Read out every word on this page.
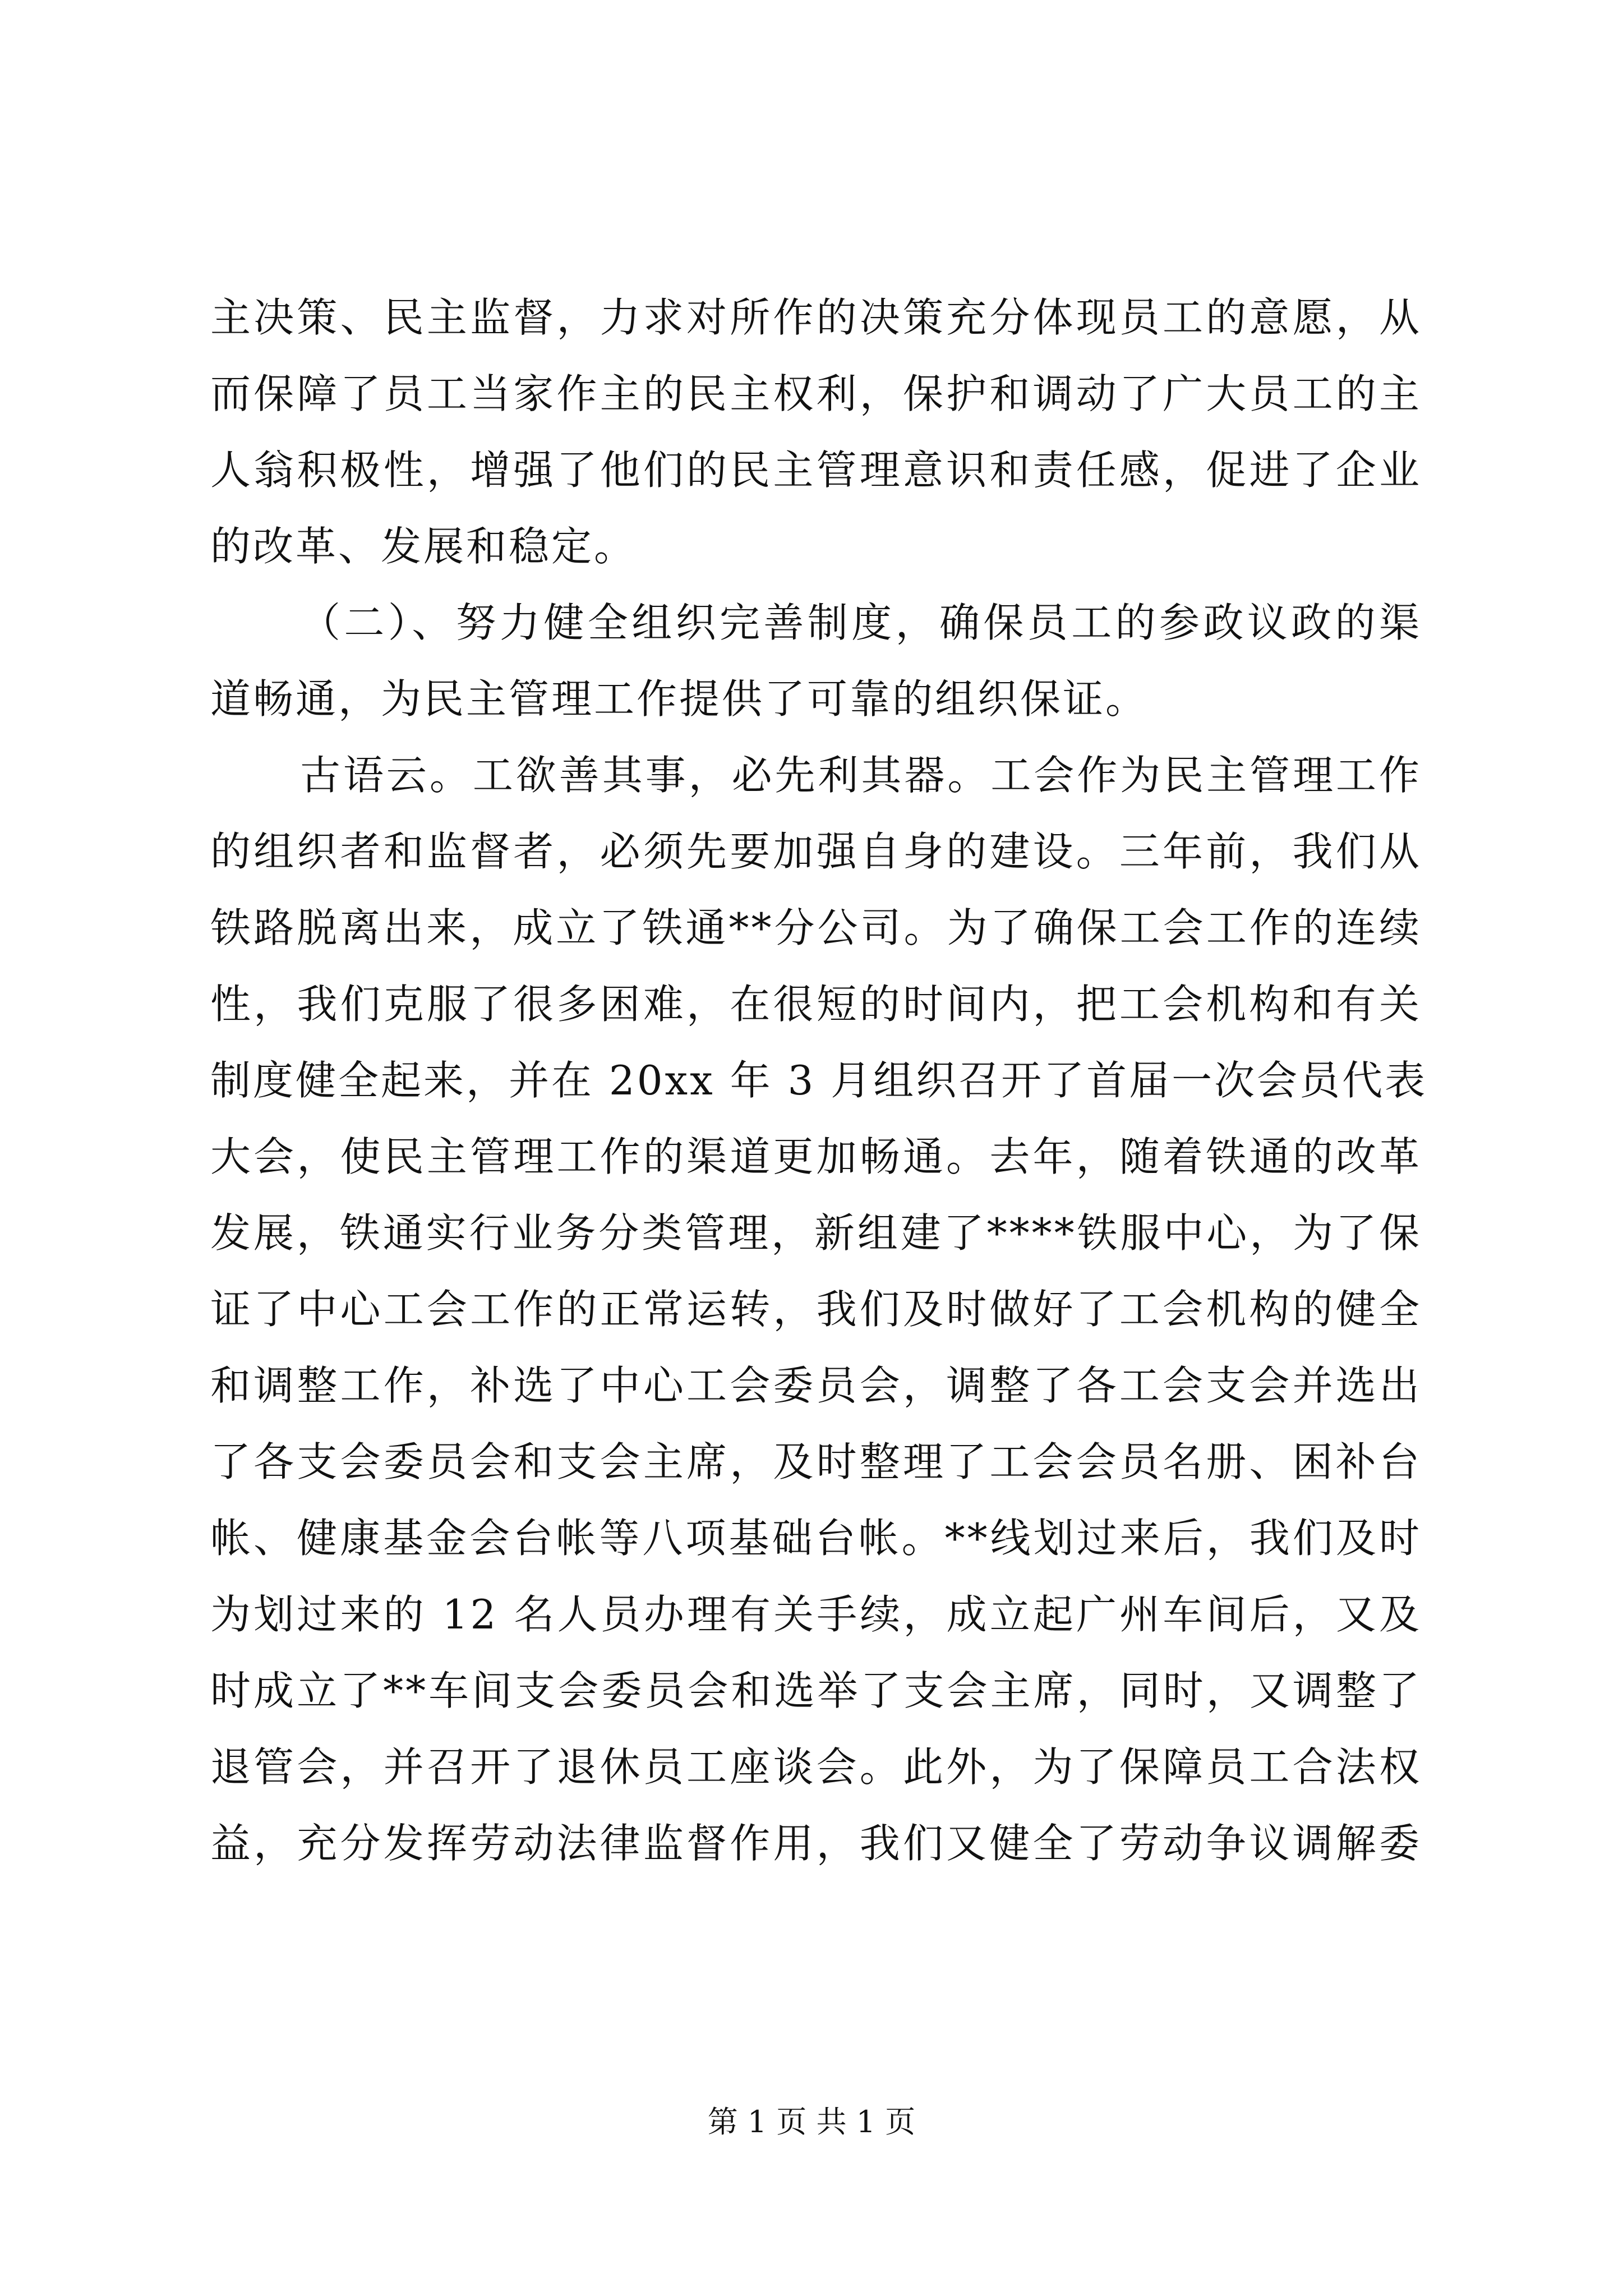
主决策、民主监督，力求对所作的决策充分体现员工的意愿，从
而保障了员工当家作主的民主权利，保护和调动了广大员工的主
人翁积极性，增强了他们的民主管理意识和责任感，促进了企业
的改革、发展和稳定。
（二）、努力健全组织完善制度，确保员工的参政议政的渠
道畅通，为民主管理工作提供了可靠的组织保证。
古语云。工欲善其事，必先利其器。工会作为民主管理工作
的组织者和监督者，必须先要加强自身的建设。三年前，我们从
铁路脱离出来，成立了铁通**分公司。为了确保工会工作的连续
性，我们克服了很多困难，在很短的时间内，把工会机构和有关
制度健全起来，并在 20xx 年 3 月组织召开了首届一次会员代表
大会，使民主管理工作的渠道更加畅通。去年，随着铁通的改革
发展，铁通实行业务分类管理，新组建了****铁服中心，为了保
证了中心工会工作的正常运转，我们及时做好了工会机构的健全
和调整工作，补选了中心工会委员会，调整了各工会支会并选出
了各支会委员会和支会主席，及时整理了工会会员名册、困补台
帐、健康基金会台帐等八项基础台帐。**线划过来后，我们及时
为划过来的 12 名人员办理有关手续，成立起广州车间后，又及
时成立了**车间支会委员会和选举了支会主席，同时，又调整了
退管会，并召开了退休员工座谈会。此外，为了保障员工合法权
益，充分发挥劳动法律监督作用，我们又健全了劳动争议调解委
第 1 页 共 1 页
